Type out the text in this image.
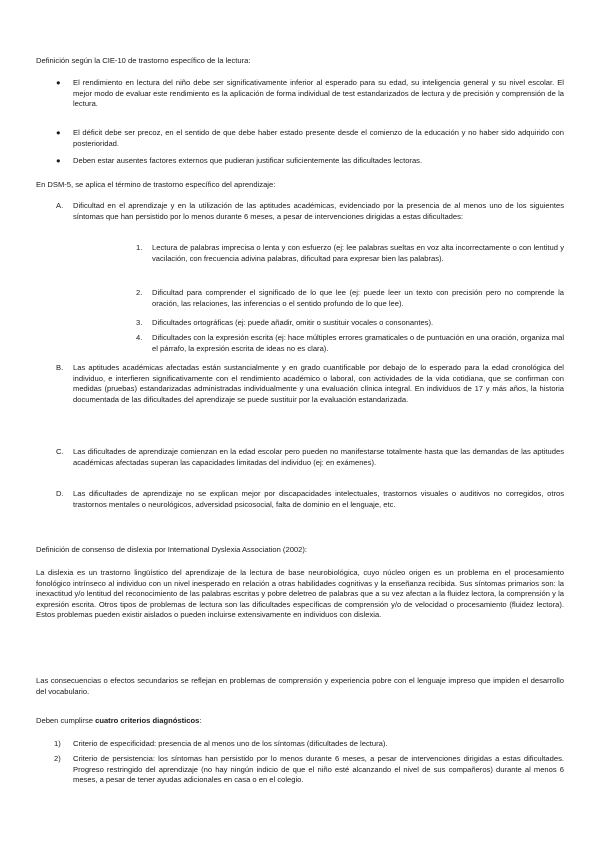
Definición según la CIE-10 de trastorno específico de la lectura:

● El rendimiento en lectura del niño debe ser significativamente inferior al esperado para su edad, su inteligencia general y su nivel escolar. El mejor modo de evaluar este rendimiento es la aplicación de forma individual de test estandarizados de lectura y de precisión y comprensión de la lectura.

● El déficit debe ser precoz, en el sentido de que debe haber estado presente desde el comienzo de la educación y no haber sido adquirido con posterioridad.

● Deben estar ausentes factores externos que pudieran justificar suficientemente las dificultades lectoras.

En DSM-5, se aplica el término de trastorno específico del aprendizaje:

A. Dificultad en el aprendizaje y en la utilización de las aptitudes académicas, evidenciado por la presencia de al menos uno de los siguientes síntomas que han persistido por lo menos durante 6 meses, a pesar de intervenciones dirigidas a estas dificultades:

1. Lectura de palabras imprecisa o lenta y con esfuerzo (ej: lee palabras sueltas en voz alta incorrectamente o con lentitud y vacilación, con frecuencia adivina palabras, dificultad para expresar bien las palabras).

2. Dificultad para comprender el significado de lo que lee (ej: puede leer un texto con precisión pero no comprende la oración, las relaciones, las inferencias o el sentido profundo de lo que lee).

3. Dificultades ortográficas (ej: puede añadir, omitir o sustituir vocales o consonantes).

4. Dificultades con la expresión escrita (ej: hace múltiples errores gramaticales o de puntuación en una oración, organiza mal el párrafo, la expresión escrita de ideas no es clara).

B. Las aptitudes académicas afectadas están sustancialmente y en grado cuantificable por debajo de lo esperado para la edad cronológica del individuo, e interfieren significativamente con el rendimiento académico o laboral, con actividades de la vida cotidiana, que se confirman con medidas (pruebas) estandarizadas administradas individualmente y una evaluación clínica integral. En individuos de 17 y más años, la historia documentada de las dificultades del aprendizaje se puede sustituir por la evaluación estandarizada.

C. Las dificultades de aprendizaje comienzan en la edad escolar pero pueden no manifestarse totalmente hasta que las demandas de las aptitudes académicas afectadas superan las capacidades limitadas del individuo (ej: en exámenes).

D. Las dificultades de aprendizaje no se explican mejor por discapacidades intelectuales, trastornos visuales o auditivos no corregidos, otros trastornos mentales o neurológicos, adversidad psicosocial, falta de dominio en el lenguaje, etc.

Definición de consenso de dislexia por International Dyslexia Association (2002):

La dislexia es un trastorno lingüístico del aprendizaje de la lectura de base neurobiológica, cuyo núcleo origen es un problema en el procesamiento fonológico intrínseco al individuo con un nivel inesperado en relación a otras habilidades cognitivas y la enseñanza recibida. Sus síntomas primarios son: la inexactitud y/o lentitud del reconocimiento de las palabras escritas y pobre deletreo de palabras que a su vez afectan a la fluidez lectora, la comprensión y la expresión escrita. Otros tipos de problemas de lectura son las dificultades específicas de comprensión y/o de velocidad o procesamiento (fluidez lectora). Estos problemas pueden existir aislados o pueden incluirse extensivamente en individuos con dislexia.

Las consecuencias o efectos secundarios se reflejan en problemas de comprensión y experiencia pobre con el lenguaje impreso que impiden el desarrollo del vocabulario.

Deben cumplirse cuatro criterios diagnósticos:

1) Criterio de especificidad: presencia de al menos uno de los síntomas (dificultades de lectura).

2) Criterio de persistencia: los síntomas han persistido por lo menos durante 6 meses, a pesar de intervenciones dirigidas a estas dificultades. Progreso restringido del aprendizaje (no hay ningún indicio de que el niño esté alcanzando el nivel de sus compañeros) durante al menos 6 meses, a pesar de tener ayudas adicionales en casa o en el colegio.
